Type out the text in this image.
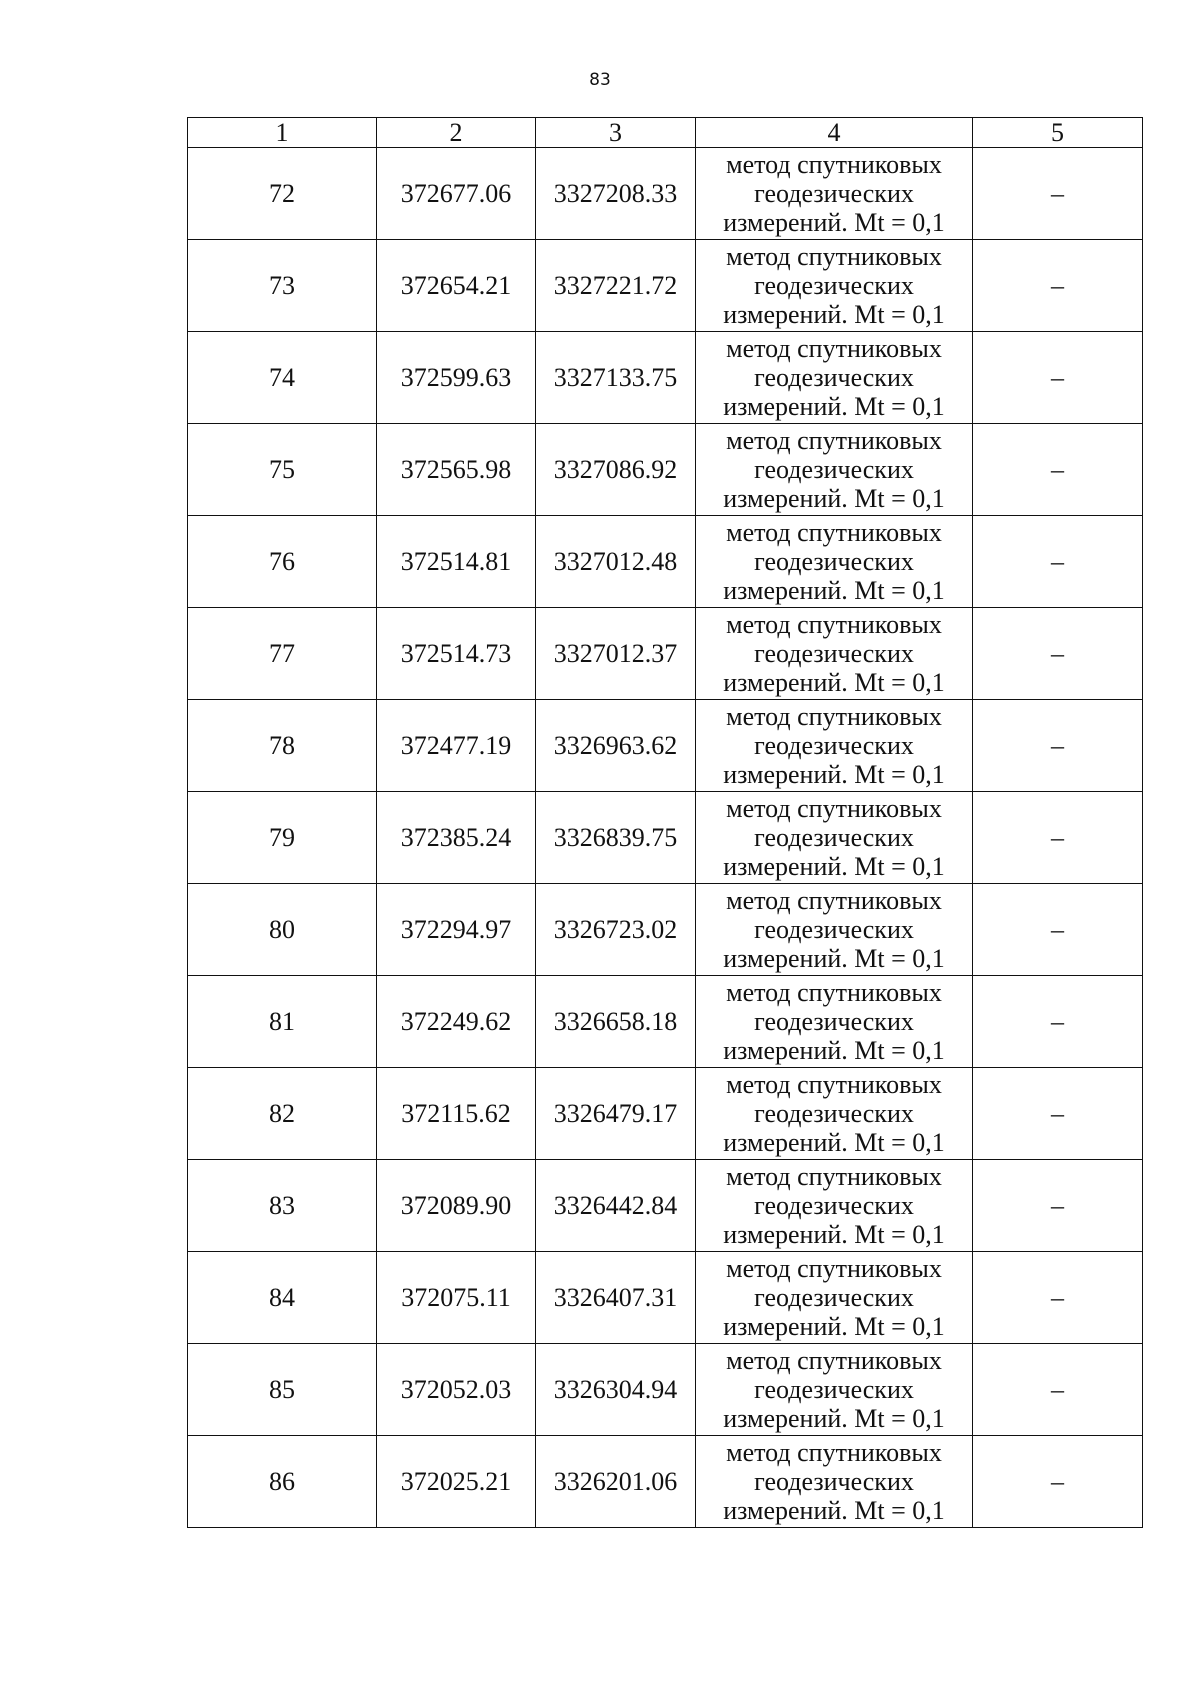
83
1	2	3	4	5
72	372677.06	3327208.33	метод спутниковых
геодезических
измерений. Mt = 0,1	–
73	372654.21	3327221.72	метод спутниковых
геодезических
измерений. Mt = 0,1	–
74	372599.63	3327133.75	метод спутниковых
геодезических
измерений. Mt = 0,1	–
75	372565.98	3327086.92	метод спутниковых
геодезических
измерений. Mt = 0,1	–
76	372514.81	3327012.48	метод спутниковых
геодезических
измерений. Mt = 0,1	–
77	372514.73	3327012.37	метод спутниковых
геодезических
измерений. Mt = 0,1	–
78	372477.19	3326963.62	метод спутниковых
геодезических
измерений. Mt = 0,1	–
79	372385.24	3326839.75	метод спутниковых
геодезических
измерений. Mt = 0,1	–
80	372294.97	3326723.02	метод спутниковых
геодезических
измерений. Mt = 0,1	–
81	372249.62	3326658.18	метод спутниковых
геодезических
измерений. Mt = 0,1	–
82	372115.62	3326479.17	метод спутниковых
геодезических
измерений. Mt = 0,1	–
83	372089.90	3326442.84	метод спутниковых
геодезических
измерений. Mt = 0,1	–
84	372075.11	3326407.31	метод спутниковых
геодезических
измерений. Mt = 0,1	–
85	372052.03	3326304.94	метод спутниковых
геодезических
измерений. Mt = 0,1	–
86	372025.21	3326201.06	метод спутниковых
геодезических
измерений. Mt = 0,1	–
